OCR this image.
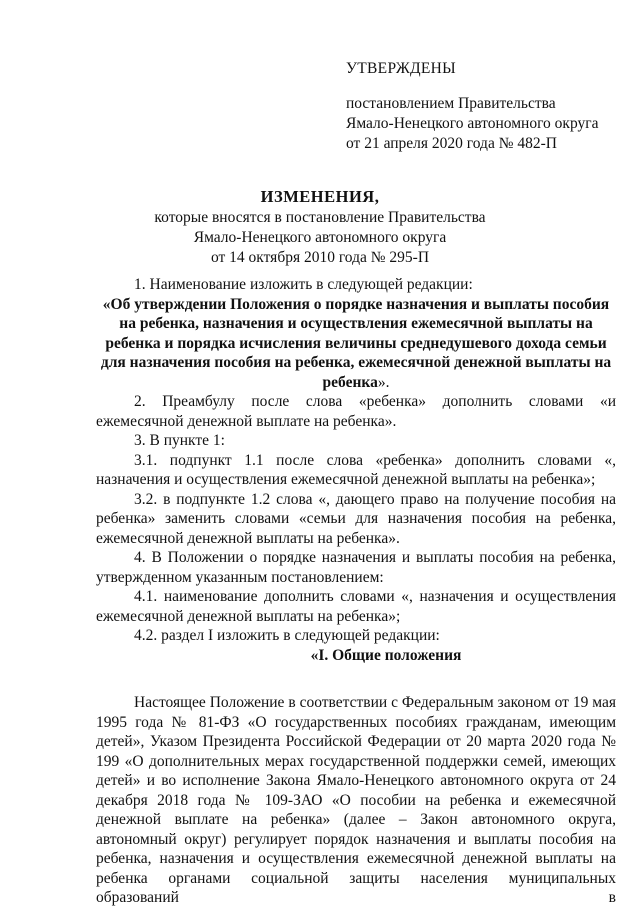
УТВЕРЖДЕНЫ
постановлением Правительства
Ямало-Ненецкого автономного округа
от 21 апреля 2020 года № 482-П
ИЗМЕНЕНИЯ,
которые вносятся в постановление Правительства
Ямало-Ненецкого автономного округа
от 14 октября 2010 года № 295-П

1. Наименование изложить в следующей редакции:

«Об утверждении Положения о порядке назначения и выплаты пособия на ребенка, назначения и осуществления ежемесячной выплаты на ребенка и порядка исчисления величины среднедушевого дохода семьи для назначения пособия на ребенка, ежемесячной денежной выплаты на ребенка».

2. Преамбулу после слова «ребенка» дополнить словами «и ежемесячной денежной выплате на ребенка».

3. В пункте 1:

3.1. подпункт 1.1 после слова «ребенка» дополнить словами «, назначения и осуществления ежемесячной денежной выплаты на ребенка»;

3.2. в подпункте 1.2 слова «, дающего право на получение пособия на ребенка» заменить словами «семьи для назначения пособия на ребенка, ежемесячной денежной выплаты на ребенка».

4. В Положении о порядке назначения и выплаты пособия на ребенка, утвержденном указанным постановлением:

4.1. наименование дополнить словами «, назначения и осуществления ежемесячной денежной выплаты на ребенка»;

4.2. раздел I изложить в следующей редакции:

«I. Общие положения

Настоящее Положение в соответствии с Федеральным законом от 19 мая 1995 года № 81-ФЗ «О государственных пособиях гражданам, имеющим детей», Указом Президента Российской Федерации от 20 марта 2020 года № 199 «О дополнительных мерах государственной поддержки семей, имеющих детей» и во исполнение Закона Ямало-Ненецкого автономного округа от 24 декабря 2018 года № 109-ЗАО «О пособии на ребенка и ежемесячной денежной выплате на ребенка» (далее – Закон автономного округа, автономный округ) регулирует порядок назначения и выплаты пособия на ребенка, назначения и осуществления ежемесячной денежной выплаты на ребенка органами социальной защиты населения муниципальных образований в
